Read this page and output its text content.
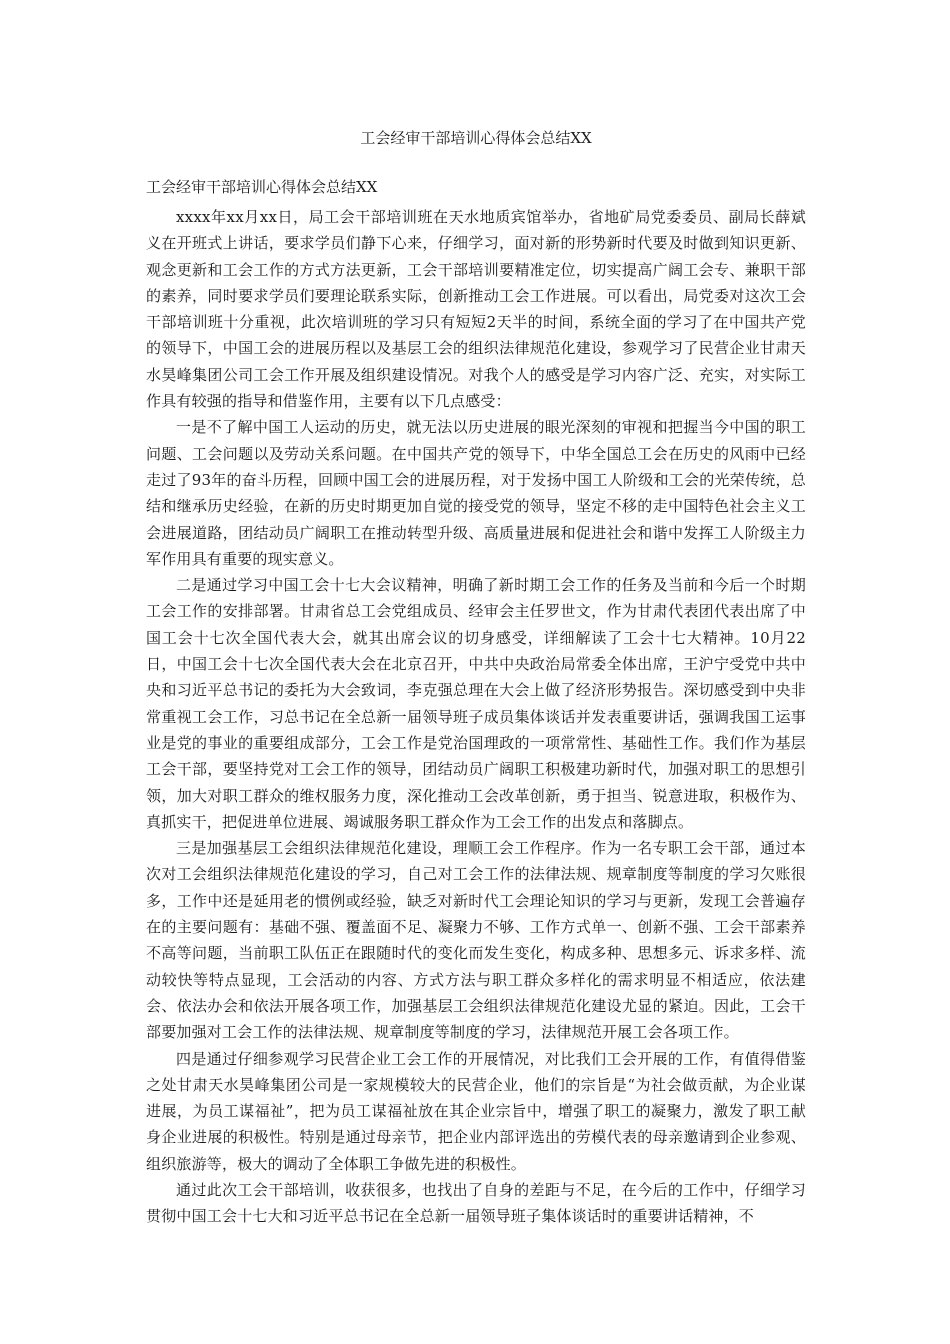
工会经审干部培训心得体会总结XX

工会经审干部培训心得体会总结XX

xxxx年xx月xx日，局工会干部培训班在天水地质宾馆举办，省地矿局党委委员、副局长薛斌义在开班式上讲话，要求学员们静下心来，仔细学习，面对新的形势新时代要及时做到知识更新、观念更新和工会工作的方式方法更新，工会干部培训要精准定位，切实提高广阔工会专、兼职干部的素养，同时要求学员们要理论联系实际，创新推动工会工作进展。可以看出，局党委对这次工会干部培训班十分重视，此次培训班的学习只有短短2天半的时间，系统全面的学习了在中国共产党的领导下，中国工会的进展历程以及基层工会的组织法律规范化建设，参观学习了民营企业甘肃天水昊峰集团公司工会工作开展及组织建设情况。对我个人的感受是学习内容广泛、充实，对实际工作具有较强的指导和借鉴作用，主要有以下几点感受：

一是不了解中国工人运动的历史，就无法以历史进展的眼光深刻的审视和把握当今中国的职工问题、工会问题以及劳动关系问题。在中国共产党的领导下，中华全国总工会在历史的风雨中已经走过了93年的奋斗历程，回顾中国工会的进展历程，对于发扬中国工人阶级和工会的光荣传统，总结和继承历史经验，在新的历史时期更加自觉的接受党的领导，坚定不移的走中国特色社会主义工会进展道路，团结动员广阔职工在推动转型升级、高质量进展和促进社会和谐中发挥工人阶级主力军作用具有重要的现实意义。

二是通过学习中国工会十七大会议精神，明确了新时期工会工作的任务及当前和今后一个时期工会工作的安排部署。甘肃省总工会党组成员、经审会主任罗世文，作为甘肃代表团代表出席了中国工会十七次全国代表大会，就其出席会议的切身感受，详细解读了工会十七大精神。10月22日，中国工会十七次全国代表大会在北京召开，中共中央政治局常委全体出席，王沪宁受党中共中央和习近平总书记的委托为大会致词，李克强总理在大会上做了经济形势报告。深切感受到中央非常重视工会工作，习总书记在全总新一届领导班子成员集体谈话并发表重要讲话，强调我国工运事业是党的事业的重要组成部分，工会工作是党治国理政的一项常常性、基础性工作。我们作为基层工会干部，要坚持党对工会工作的领导，团结动员广阔职工积极建功新时代，加强对职工的思想引领，加大对职工群众的维权服务力度，深化推动工会改革创新，勇于担当、锐意进取，积极作为、真抓实干，把促进单位进展、竭诚服务职工群众作为工会工作的出发点和落脚点。

三是加强基层工会组织法律规范化建设，理顺工会工作程序。作为一名专职工会干部，通过本次对工会组织法律规范化建设的学习，自己对工会工作的法律法规、规章制度等制度的学习欠账很多，工作中还是延用老的惯例或经验，缺乏对新时代工会理论知识的学习与更新，发现工会普遍存在的主要问题有：基础不强、覆盖面不足、凝聚力不够、工作方式单一、创新不强、工会干部素养不高等问题，当前职工队伍正在跟随时代的变化而发生变化，构成多种、思想多元、诉求多样、流动较快等特点显现，工会活动的内容、方式方法与职工群众多样化的需求明显不相适应，依法建会、依法办会和依法开展各项工作，加强基层工会组织法律规范化建设尤显的紧迫。因此，工会干部要加强对工会工作的法律法规、规章制度等制度的学习，法律规范开展工会各项工作。

四是通过仔细参观学习民营企业工会工作的开展情况，对比我们工会开展的工作，有值得借鉴之处甘肃天水昊峰集团公司是一家规模较大的民营企业，他们的宗旨是“为社会做贡献，为企业谋进展，为员工谋福祉”，把为员工谋福祉放在其企业宗旨中，增强了职工的凝聚力，激发了职工献身企业进展的积极性。特别是通过母亲节，把企业内部评选出的劳模代表的母亲邀请到企业参观、组织旅游等，极大的调动了全体职工争做先进的积极性。

通过此次工会干部培训，收获很多，也找出了自身的差距与不足，在今后的工作中，仔细学习贯彻中国工会十七大和习近平总书记在全总新一届领导班子集体谈话时的重要讲话精神，不
